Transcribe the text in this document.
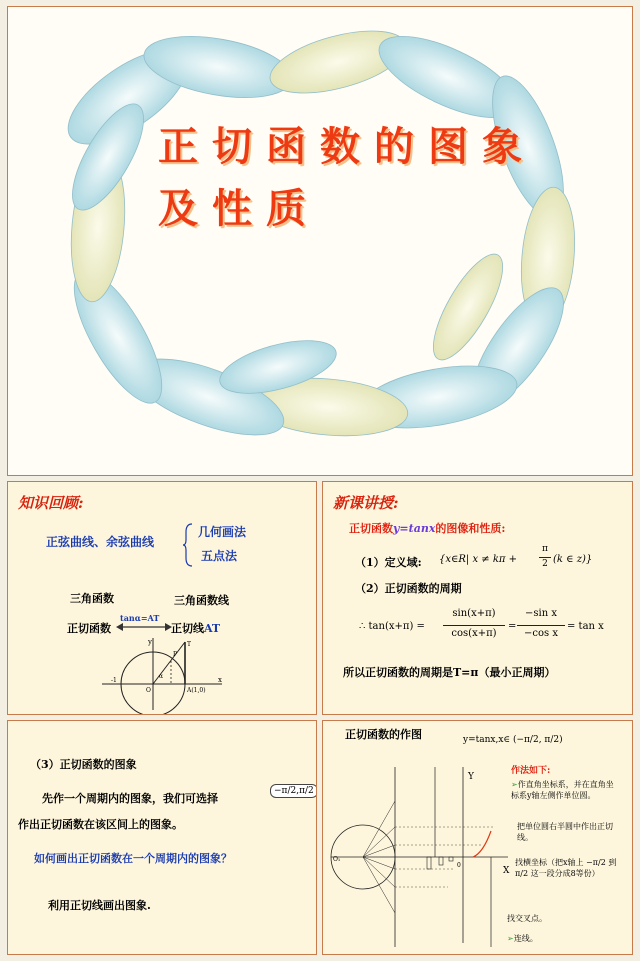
正切函数的图象
及性质
知识回顾:
正弦曲线、余弦曲线
几何画法
五点法
三角函数	三角函数线
正切函数
tanα=AT
正切线AT
y
x
P
T
O	A(1,0)
-1
α
新课讲授:
正切函数y=tanx的图像和性质:
（1）定义域: {x∈R| x ≠ kπ +
π
2 (k ∈ z)}
（2）正切函数的周期
∴ tan(x+π) =
sin(x+π)
cos(x+π)
=
−sin x
−cos x
= tan x
所以正切函数的周期是T=π（最小正周期）
（3）正切函数的图象
先作一个周期内的图象，我们可选择
−π/2,π/2
作出正切函数在该区间上的图象。
如何画出正切函数在一个周期内的图象？
利用正切线画出图象.
正切函数的作图	y=tanx,x∈ (−π/2, π/2)
Y
X
0
O₁
作法如下:
➢作直角坐标系，并在直角坐标系y轴左侧作单位圆。
把单位圆右半圆中作出正切线。
找横坐标（把x轴上 −π/2 到 π/2 这一段分成8等份）
找交叉点。
➢连线。
